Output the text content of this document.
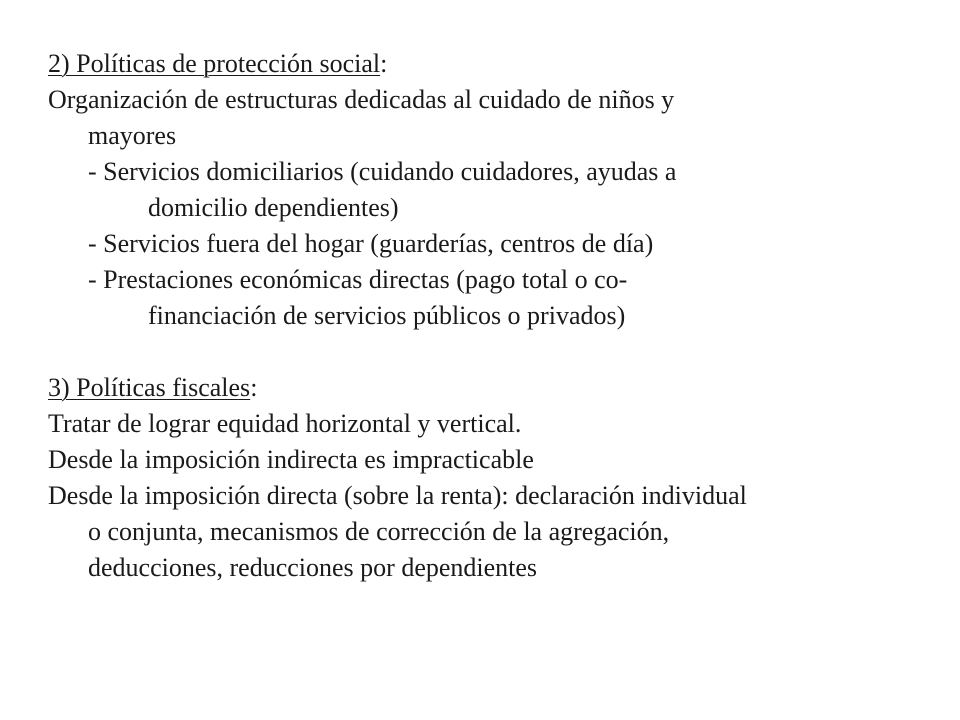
2) Políticas de protección social:
Organización de estructuras dedicadas al cuidado de niños y
mayores
- Servicios domiciliarios (cuidando cuidadores, ayudas a
domicilio dependientes)
- Servicios fuera del hogar (guarderías, centros de día)
- Prestaciones económicas directas (pago total o co-
financiación de servicios públicos o privados)
3) Políticas fiscales:
Tratar de lograr equidad horizontal y vertical.
Desde la imposición indirecta es impracticable
Desde la imposición directa (sobre la renta): declaración individual
o conjunta, mecanismos de corrección de la agregación,
deducciones, reducciones por dependientes
